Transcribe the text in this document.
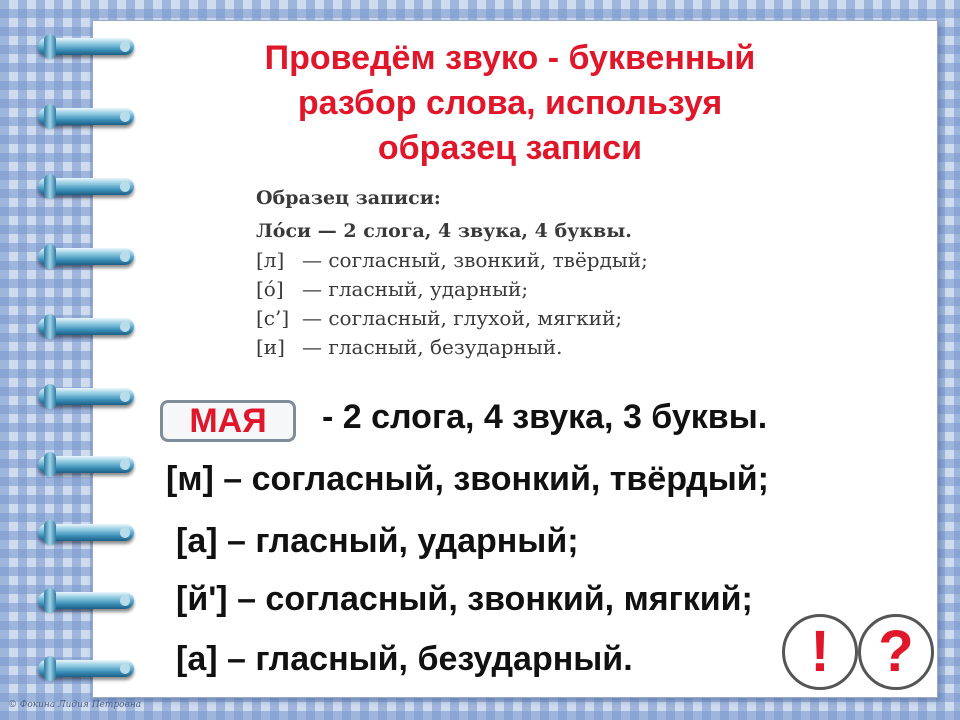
Проведём звуко - буквенный
разбор слова, используя
образец записи
Образец записи:
Лóси — 2 слога, 4 звука, 4 буквы.
[л] — согласный, звонкий, твёрдый;
[ó] — гласный, ударный;
[с’] — согласный, глухой, мягкий;
[и] — гласный, безударный.
МАЯ	- 2 слога, 4 звука, 3 буквы.

[м] – согласный, звонкий, твёрдый;

[а] – гласный, ударный;

[й'] – согласный, звонкий, мягкий;

[а] – гласный, безударный.	! ?
© Фокина Лидия Петровна
